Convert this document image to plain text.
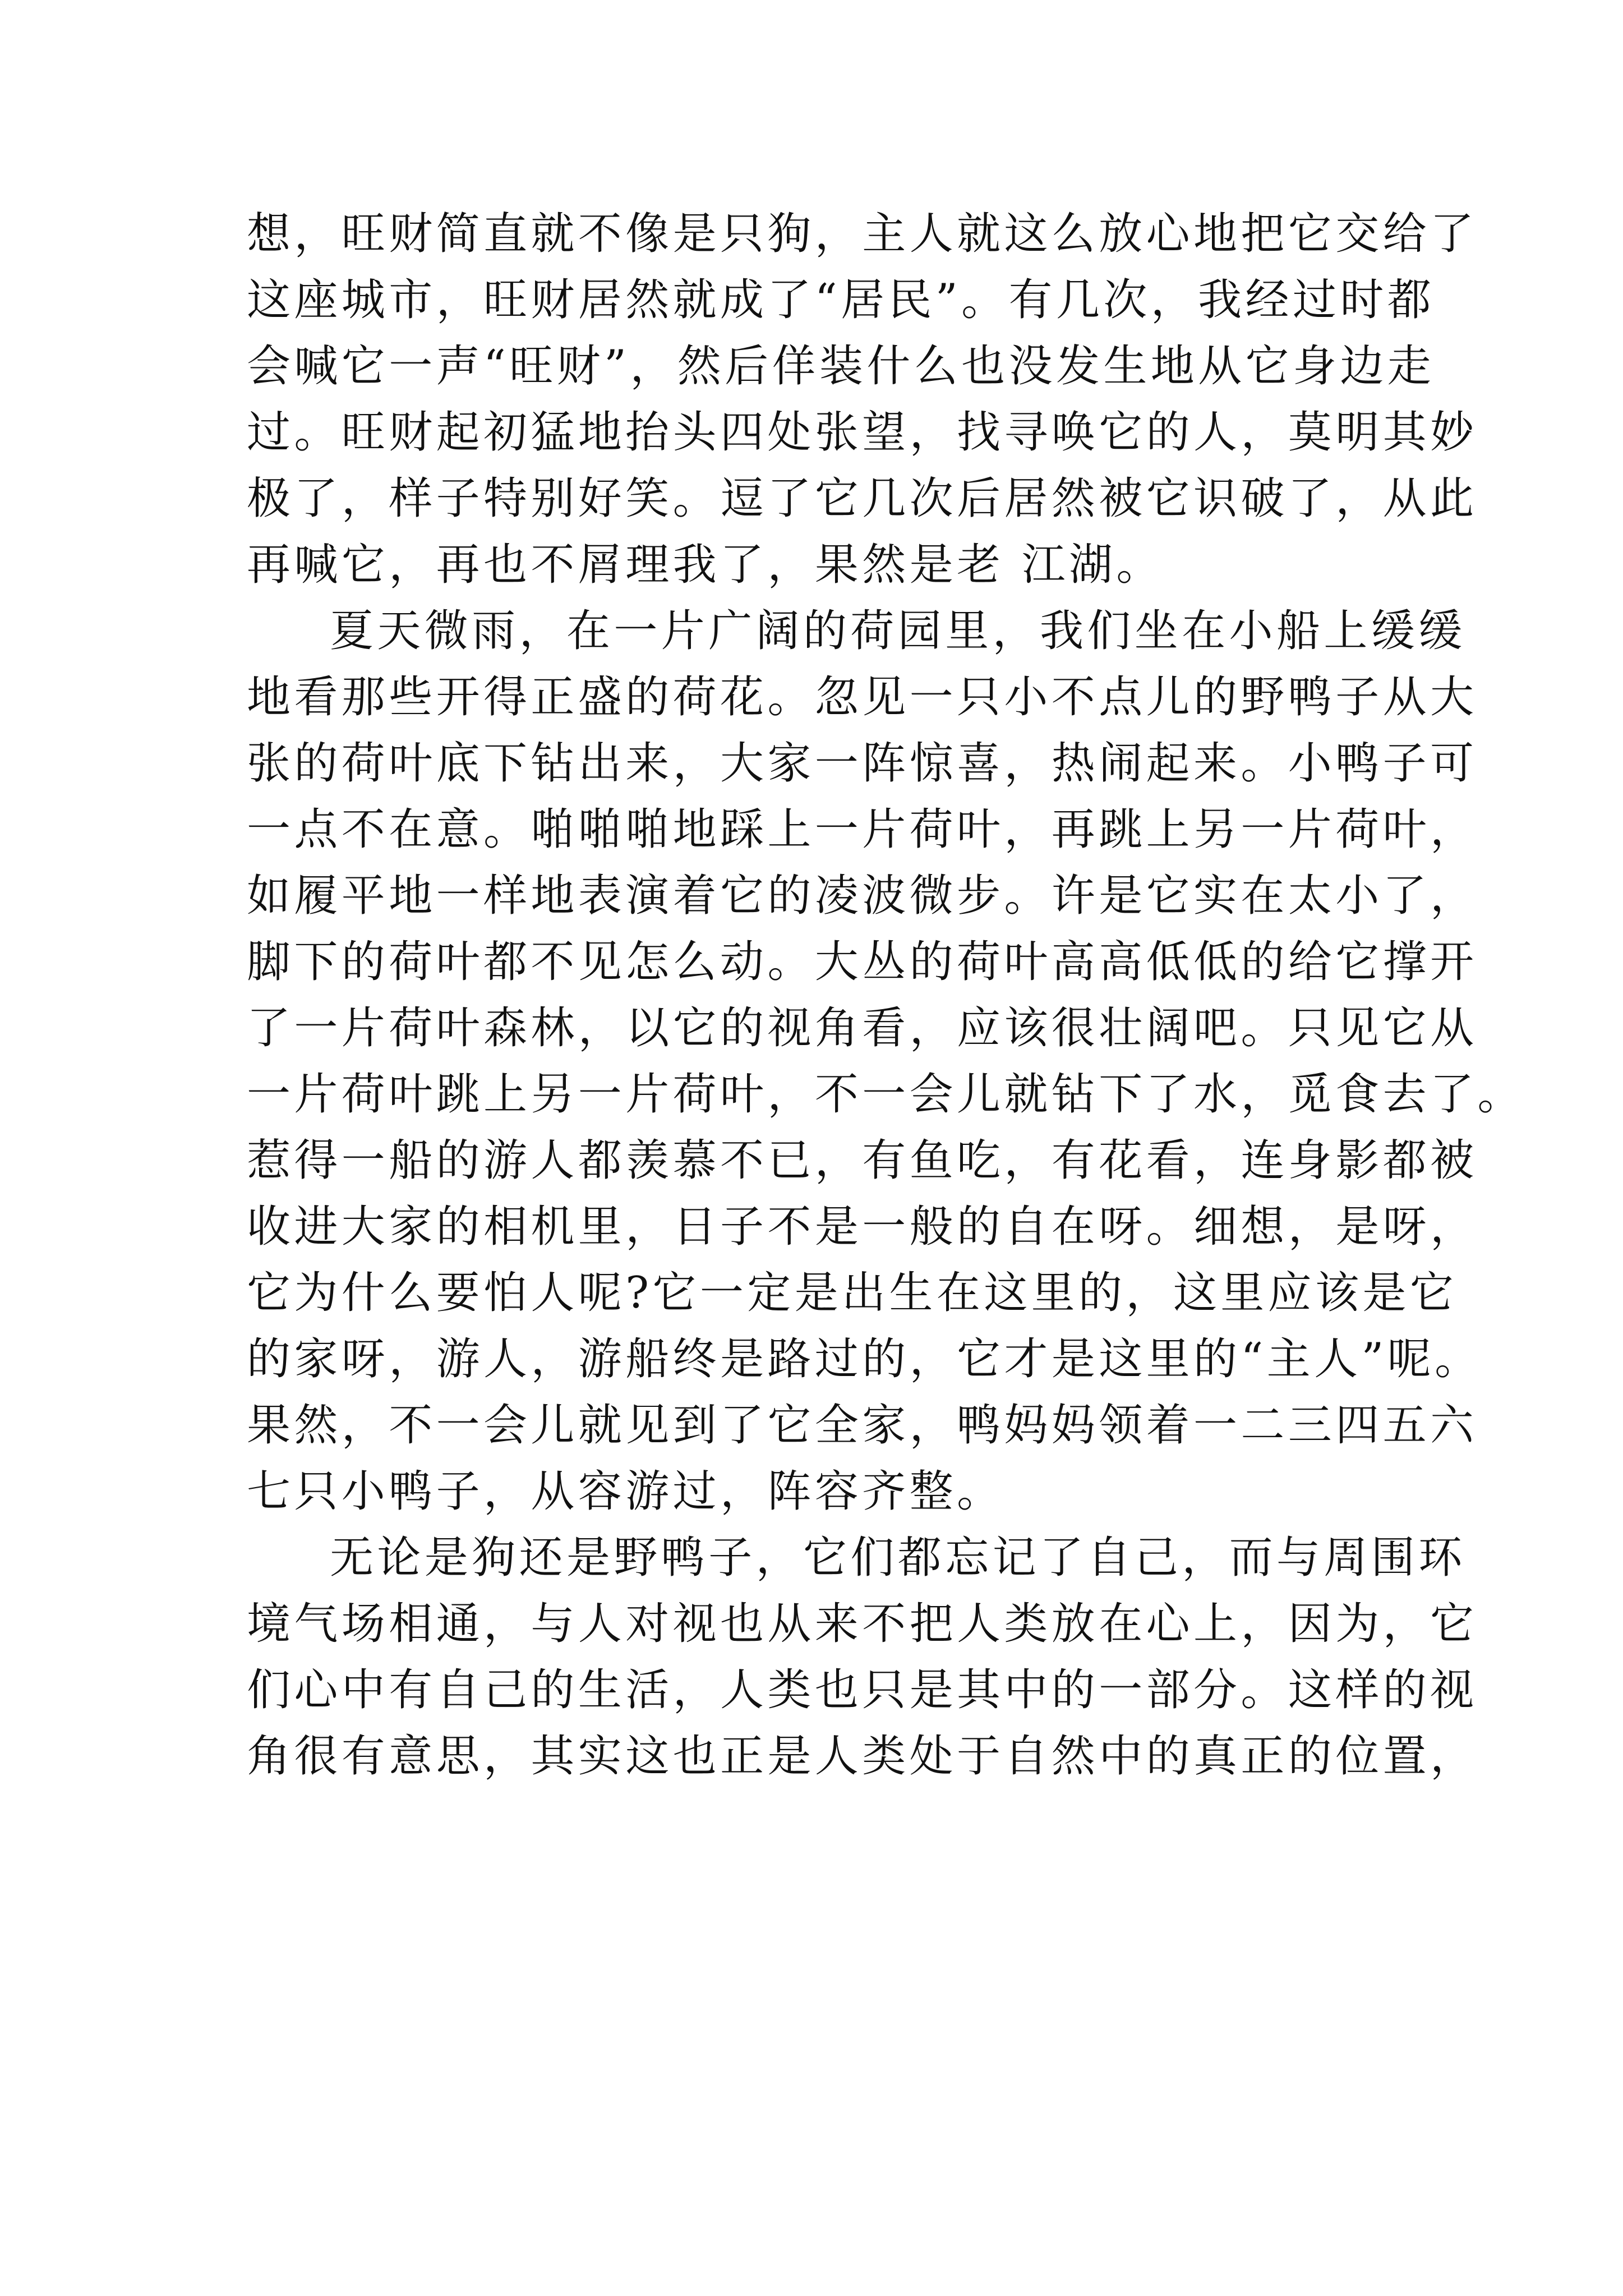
想，旺财简直就不像是只狗，主人就这么放心地把它交给了
这座城市，旺财居然就成了“居民”。有几次，我经过时都
会喊它一声“旺财”，然后佯装什么也没发生地从它身边走
过。旺财起初猛地抬头四处张望，找寻唤它的人，莫明其妙
极了，样子特别好笑。逗了它几次后居然被它识破了，从此
再喊它，再也不屑理我了，果然是老 江湖。
夏天微雨，在一片广阔的荷园里，我们坐在小船上缓缓
地看那些开得正盛的荷花。忽见一只小不点儿的野鸭子从大
张的荷叶底下钻出来，大家一阵惊喜，热闹起来。小鸭子可
一点不在意。啪啪啪地踩上一片荷叶，再跳上另一片荷叶，
如履平地一样地表演着它的凌波微步。许是它实在太小了，
脚下的荷叶都不见怎么动。大丛的荷叶高高低低的给它撑开
了一片荷叶森林，以它的视角看，应该很壮阔吧。只见它从
一片荷叶跳上另一片荷叶，不一会儿就钻下了水，觅食去了。
惹得一船的游人都羡慕不已，有鱼吃，有花看，连身影都被
收进大家的相机里，日子不是一般的自在呀。细想，是呀，
它为什么要怕人呢?它一定是出生在这里的，这里应该是它
的家呀，游人，游船终是路过的，它才是这里的“主人”呢。
果然，不一会儿就见到了它全家，鸭妈妈领着一二三四五六
七只小鸭子，从容游过，阵容齐整。
无论是狗还是野鸭子，它们都忘记了自己，而与周围环
境气场相通，与人对视也从来不把人类放在心上，因为，它
们心中有自己的生活，人类也只是其中的一部分。这样的视
角很有意思，其实这也正是人类处于自然中的真正的位置，
